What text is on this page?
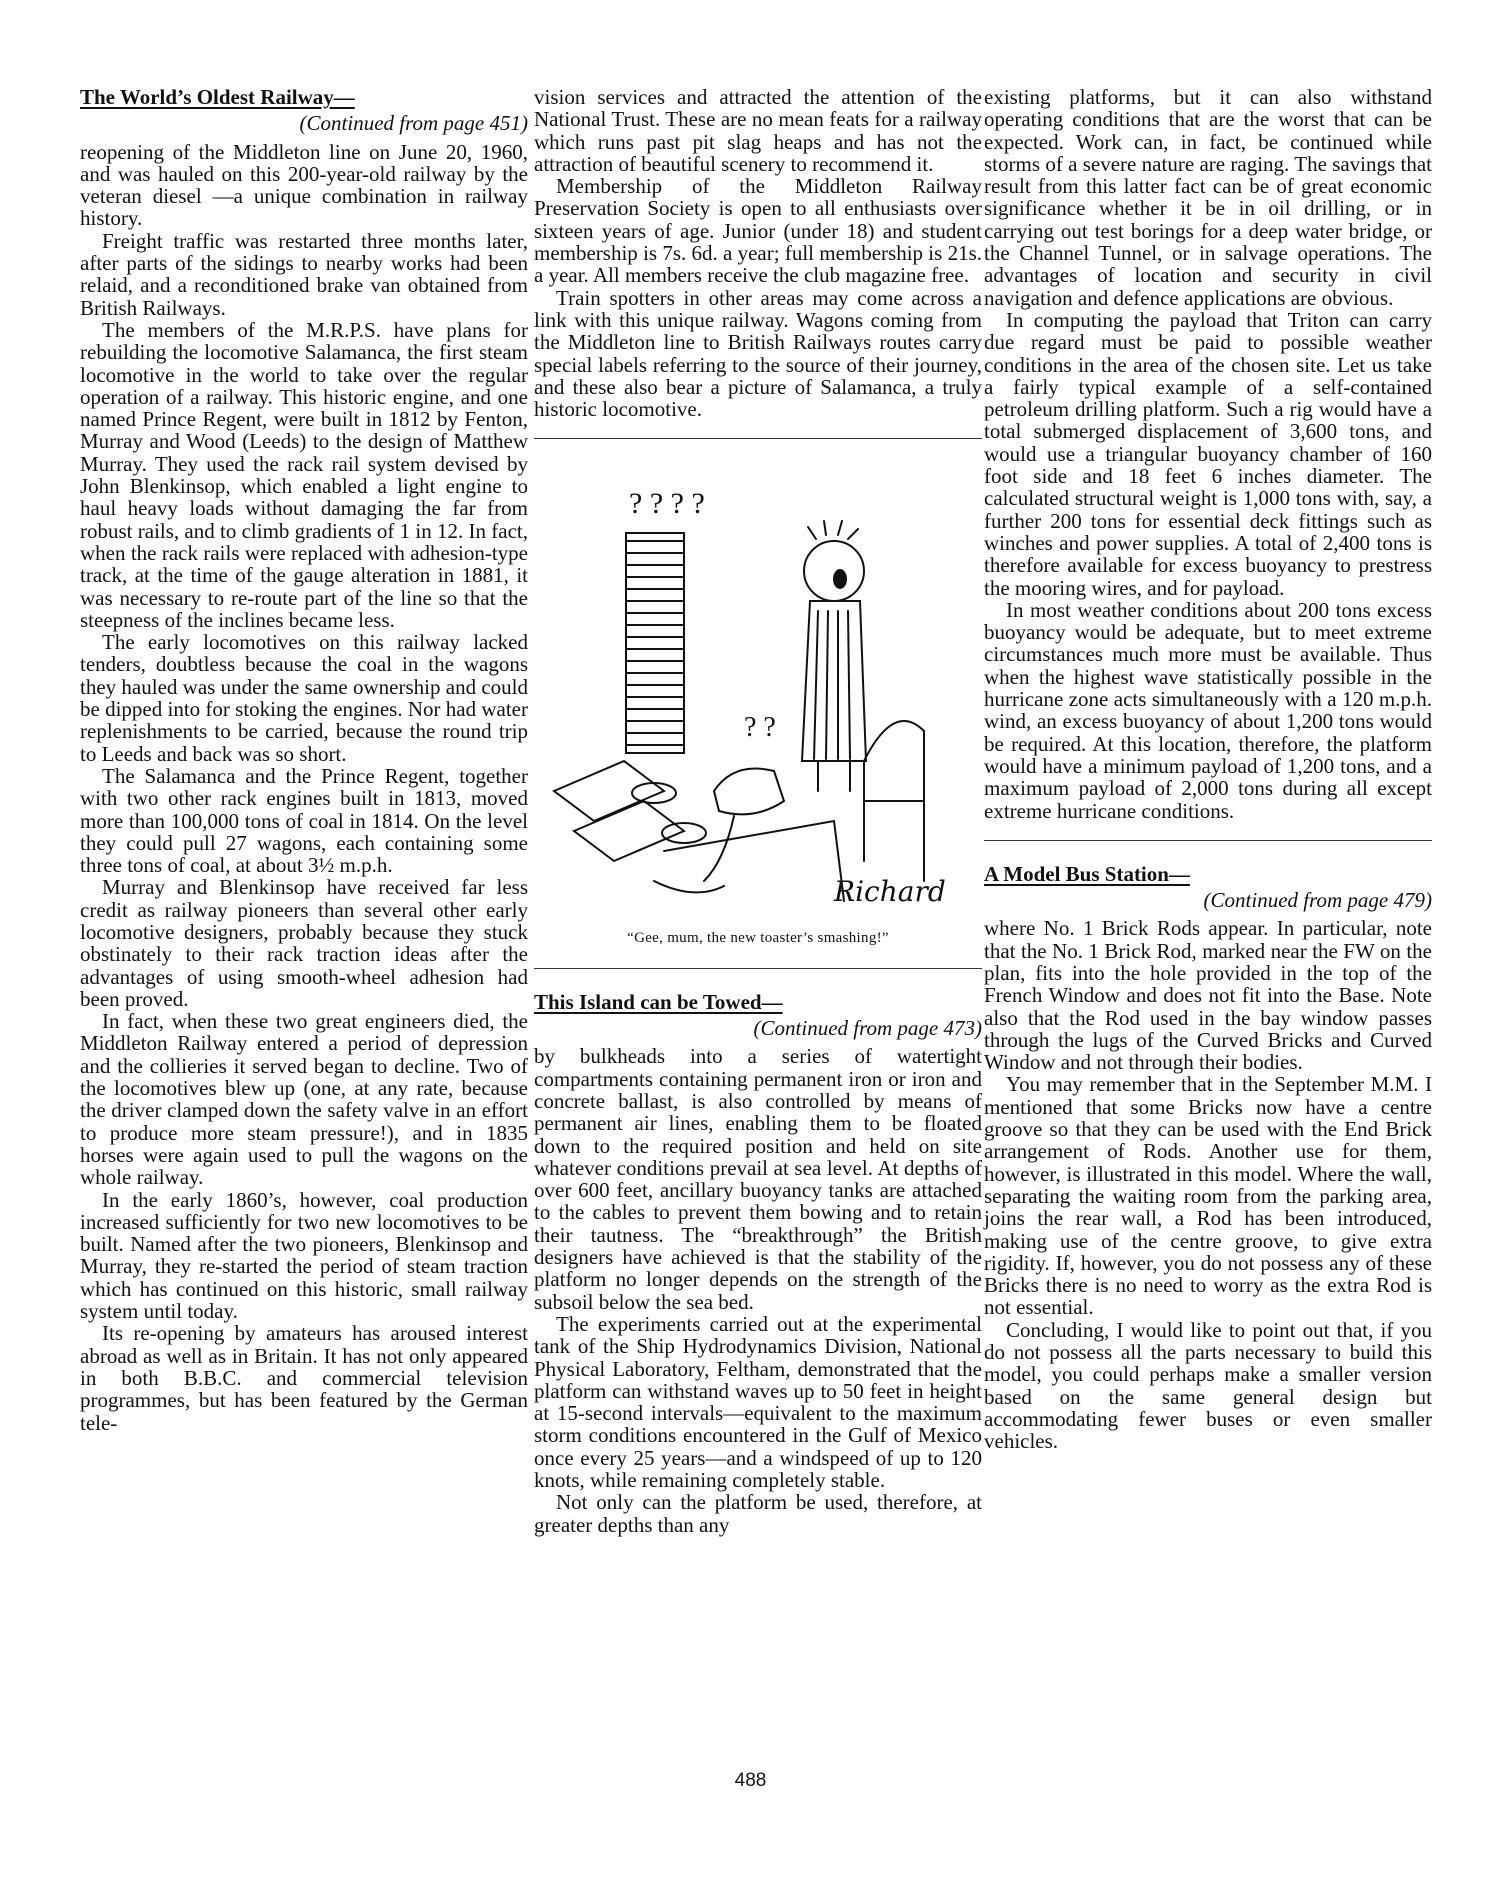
The World’s Oldest Railway—
(Continued from page 451)

reopening of the Middleton line on June 20, 1960, and was hauled on this 200-year-old railway by the veteran diesel —a unique combination in railway history.

Freight traffic was restarted three months later, after parts of the sidings to nearby works had been relaid, and a reconditioned brake van obtained from British Railways.

The members of the M.R.P.S. have plans for rebuilding the locomotive Salamanca, the first steam locomotive in the world to take over the regular operation of a railway. This historic engine, and one named Prince Regent, were built in 1812 by Fenton, Murray and Wood (Leeds) to the design of Matthew Murray. They used the rack rail system devised by John Blenkinsop, which enabled a light engine to haul heavy loads without damaging the far from robust rails, and to climb gradients of 1 in 12. In fact, when the rack rails were replaced with adhesion-type track, at the time of the gauge alteration in 1881, it was necessary to re-route part of the line so that the steepness of the inclines became less.

The early locomotives on this railway lacked tenders, doubtless because the coal in the wagons they hauled was under the same ownership and could be dipped into for stoking the engines. Nor had water replenishments to be carried, because the round trip to Leeds and back was so short.

The Salamanca and the Prince Regent, together with two other rack engines built in 1813, moved more than 100,000 tons of coal in 1814. On the level they could pull 27 wagons, each containing some three tons of coal, at about 3½ m.p.h.

Murray and Blenkinsop have received far less credit as railway pioneers than several other early locomotive designers, probably because they stuck obstinately to their rack traction ideas after the advantages of using smooth-wheel adhesion had been proved.

In fact, when these two great engineers died, the Middleton Railway entered a period of depression and the collieries it served began to decline. Two of the locomotives blew up (one, at any rate, because the driver clamped down the safety valve in an effort to produce more steam pressure!), and in 1835 horses were again used to pull the wagons on the whole railway.

In the early 1860’s, however, coal production increased sufficiently for two new locomotives to be built. Named after the two pioneers, Blenkinsop and Murray, they re-started the period of steam traction which has continued on this historic, small railway system until today.

Its re-opening by amateurs has aroused interest abroad as well as in Britain. It has not only appeared in both B.B.C. and commercial television programmes, but has been featured by the German tele-

vision services and attracted the attention of the National Trust. These are no mean feats for a railway which runs past pit slag heaps and has not the attraction of beautiful scenery to recommend it.

Membership of the Middleton Railway Preservation Society is open to all enthusiasts over sixteen years of age. Junior (under 18) and student membership is 7s. 6d. a year; full membership is 21s. a year. All members receive the club magazine free.

Train spotters in other areas may come across a link with this unique railway. Wagons coming from the Middleton line to British Railways routes carry special labels referring to the source of their journey, and these also bear a picture of Salamanca, a truly historic locomotive.

? ? ? ?
? ?
Richard
“Gee, mum, the new toaster’s smashing!”
This Island can be Towed—
(Continued from page 473)

by bulkheads into a series of watertight compartments containing permanent iron or iron and concrete ballast, is also controlled by means of permanent air lines, enabling them to be floated down to the required position and held on site whatever conditions prevail at sea level. At depths of over 600 feet, ancillary buoyancy tanks are attached to the cables to prevent them bowing and to retain their tautness. The “breakthrough” the British designers have achieved is that the stability of the platform no longer depends on the strength of the subsoil below the sea bed.

The experiments carried out at the experimental tank of the Ship Hydrodynamics Division, National Physical Laboratory, Feltham, demonstrated that the platform can withstand waves up to 50 feet in height at 15-second intervals—equivalent to the maximum storm conditions encountered in the Gulf of Mexico once every 25 years—and a windspeed of up to 120 knots, while remaining completely stable.

Not only can the platform be used, therefore, at greater depths than any

existing platforms, but it can also withstand operating conditions that are the worst that can be expected. Work can, in fact, be continued while storms of a severe nature are raging. The savings that result from this latter fact can be of great economic significance whether it be in oil drilling, or in carrying out test borings for a deep water bridge, or the Channel Tunnel, or in salvage operations. The advantages of location and security in civil navigation and defence applications are obvious.

In computing the payload that Triton can carry due regard must be paid to possible weather conditions in the area of the chosen site. Let us take a fairly typical example of a self-contained petroleum drilling platform. Such a rig would have a total submerged displacement of 3,600 tons, and would use a triangular buoyancy chamber of 160 foot side and 18 feet 6 inches diameter. The calculated structural weight is 1,000 tons with, say, a further 200 tons for essential deck fittings such as winches and power supplies. A total of 2,400 tons is therefore available for excess buoyancy to prestress the mooring wires, and for payload.

In most weather conditions about 200 tons excess buoyancy would be adequate, but to meet extreme circumstances much more must be available. Thus when the highest wave statistically possible in the hurricane zone acts simultaneously with a 120 m.p.h. wind, an excess buoyancy of about 1,200 tons would be required. At this location, therefore, the platform would have a minimum payload of 1,200 tons, and a maximum payload of 2,000 tons during all except extreme hurricane conditions.

A Model Bus Station—
(Continued from page 479)

where No. 1 Brick Rods appear. In particular, note that the No. 1 Brick Rod, marked near the FW on the plan, fits into the hole provided in the top of the French Window and does not fit into the Base. Note also that the Rod used in the bay window passes through the lugs of the Curved Bricks and Curved Window and not through their bodies.

You may remember that in the September M.M. I mentioned that some Bricks now have a centre groove so that they can be used with the End Brick arrangement of Rods. Another use for them, however, is illustrated in this model. Where the wall, separating the waiting room from the parking area, joins the rear wall, a Rod has been introduced, making use of the centre groove, to give extra rigidity. If, however, you do not possess any of these Bricks there is no need to worry as the extra Rod is not essential.

Concluding, I would like to point out that, if you do not possess all the parts necessary to build this model, you could perhaps make a smaller version based on the same general design but accommodating fewer buses or even smaller vehicles.

488
